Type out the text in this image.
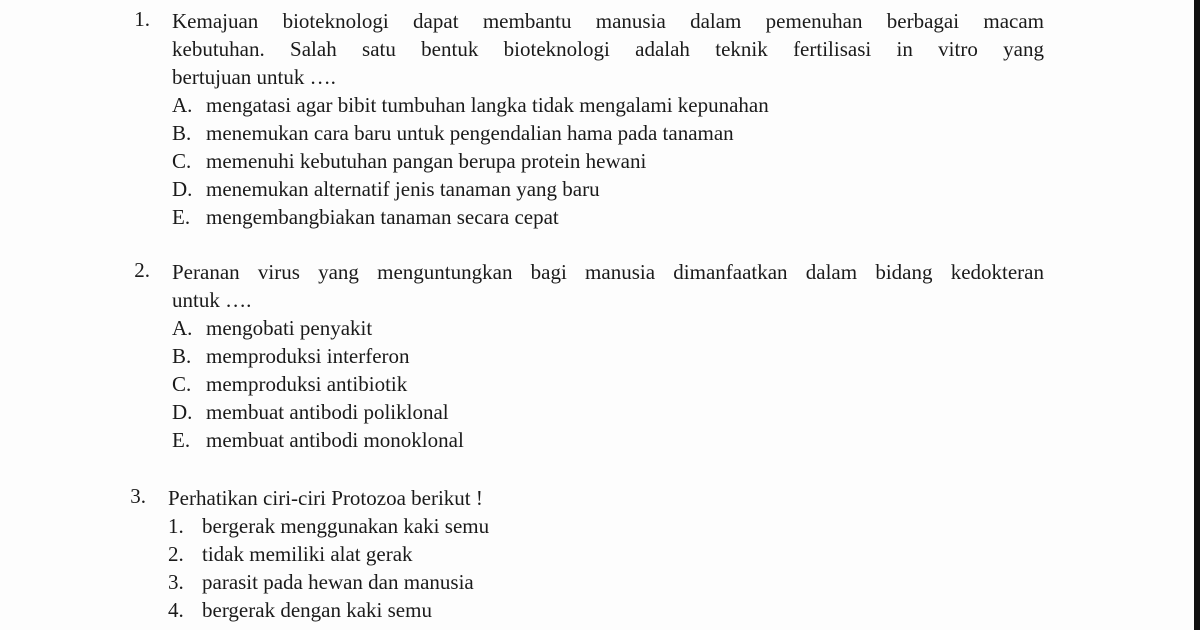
1. Kemajuan bioteknologi dapat membantu manusia dalam pemenuhan berbagai macam
kebutuhan. Salah satu bentuk bioteknologi adalah teknik fertilisasi in vitro yang
bertujuan untuk ….
A. mengatasi agar bibit tumbuhan langka tidak mengalami kepunahan
B. menemukan cara baru untuk pengendalian hama pada tanaman
C. memenuhi kebutuhan pangan berupa protein hewani
D. menemukan alternatif jenis tanaman yang baru
E. mengembangbiakan tanaman secara cepat
2. Peranan virus yang menguntungkan bagi manusia dimanfaatkan dalam bidang kedokteran
untuk ….
A. mengobati penyakit
B. memproduksi interferon
C. memproduksi antibiotik
D. membuat antibodi poliklonal
E. membuat antibodi monoklonal
3. Perhatikan ciri-ciri Protozoa berikut !
1. bergerak menggunakan kaki semu
2. tidak memiliki alat gerak
3. parasit pada hewan dan manusia
4. bergerak dengan kaki semu
